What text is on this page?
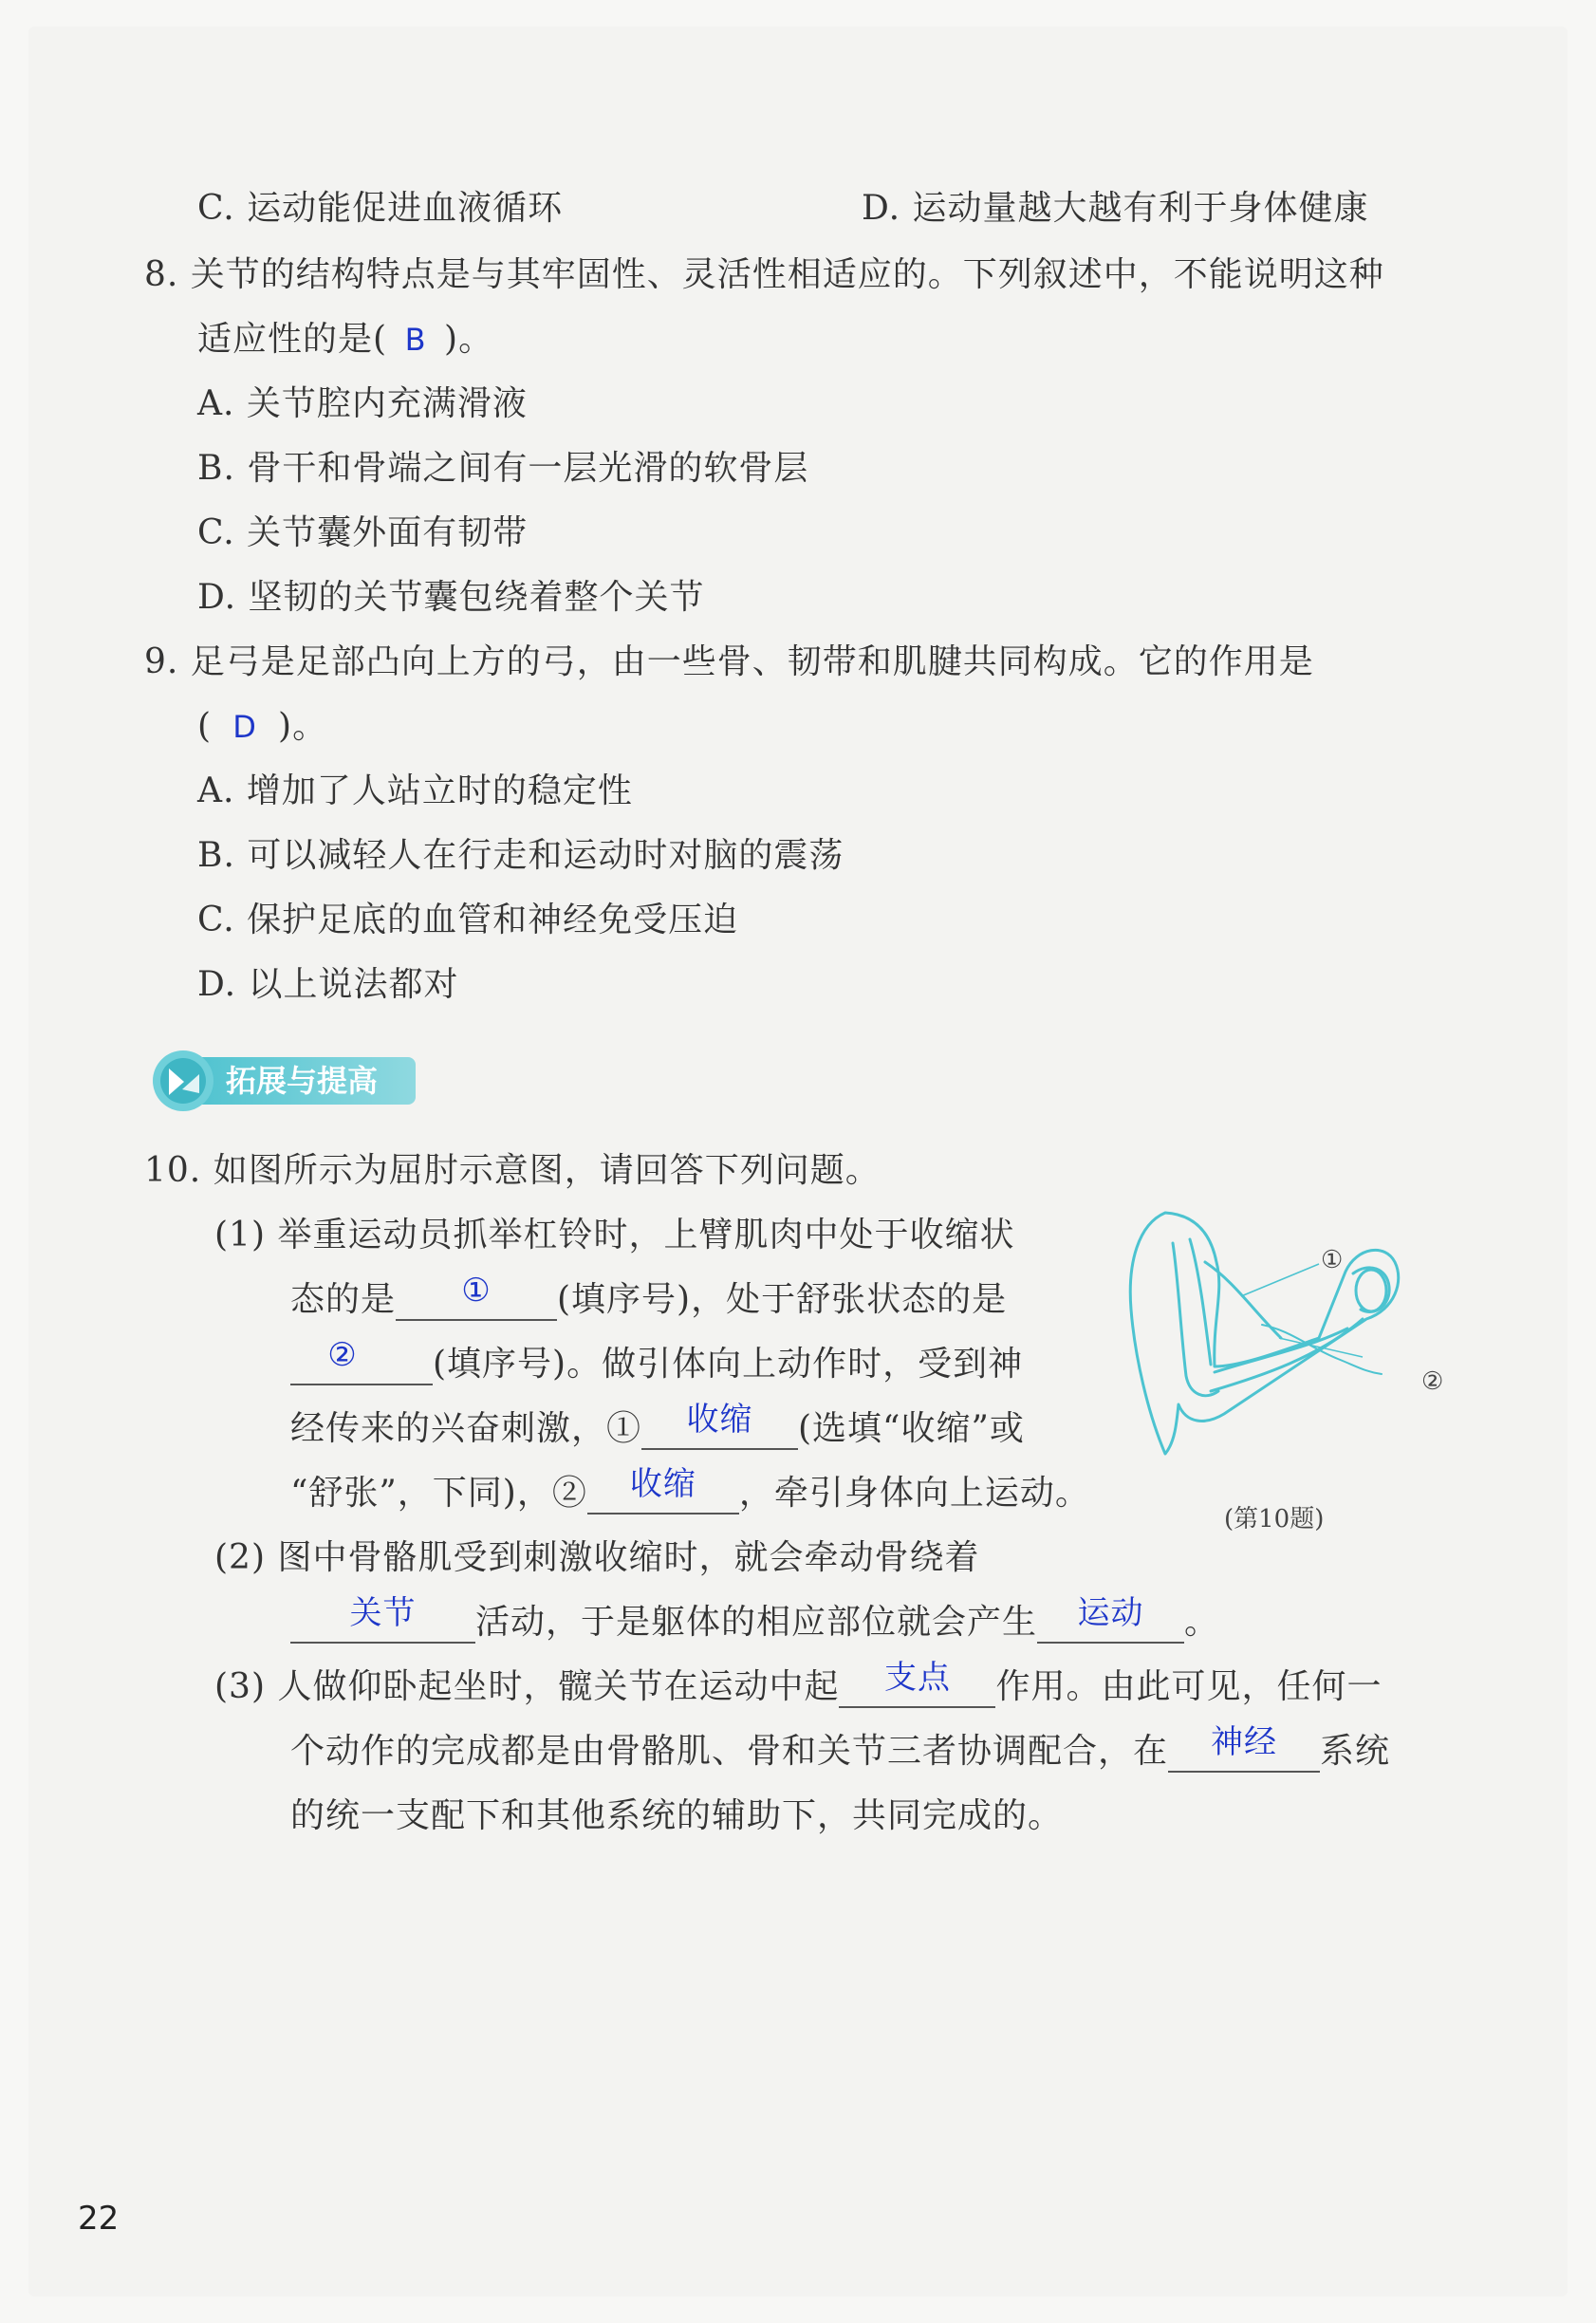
C. 运动能促进血液循环	D. 运动量越大越有利于身体健康
8. 关节的结构特点是与其牢固性、灵活性相适应的。下列叙述中，不能说明这种
适应性的是( B )。
A. 关节腔内充满滑液
B. 骨干和骨端之间有一层光滑的软骨层
C. 关节囊外面有韧带
D. 坚韧的关节囊包绕着整个关节
9. 足弓是足部凸向上方的弓，由一些骨、韧带和肌腱共同构成。它的作用是
( D )。
A. 增加了人站立时的稳定性
B. 可以减轻人在行走和运动时对脑的震荡
C. 保护足底的血管和神经免受压迫
D. 以上说法都对
拓展与提高
10. 如图所示为屈肘示意图，请回答下列问题。
(1) 举重运动员抓举杠铃时，上臂肌肉中处于收缩状
态的是 ① (填序号)，处于舒张状态的是
② (填序号)。做引体向上动作时，受到神
经传来的兴奋刺激，① 收缩 (选填“收缩”或
“舒张”，下同)，② 收缩 ，牵引身体向上运动。
①
②
(第10题)
(2) 图中骨骼肌受到刺激收缩时，就会牵动骨绕着
关节 活动，于是躯体的相应部位就会产生 运动 。
(3) 人做仰卧起坐时，髋关节在运动中起 支点 作用。由此可见，任何一
个动作的完成都是由骨骼肌、骨和关节三者协调配合，在 神经 系统
的统一支配下和其他系统的辅助下，共同完成的。
22
